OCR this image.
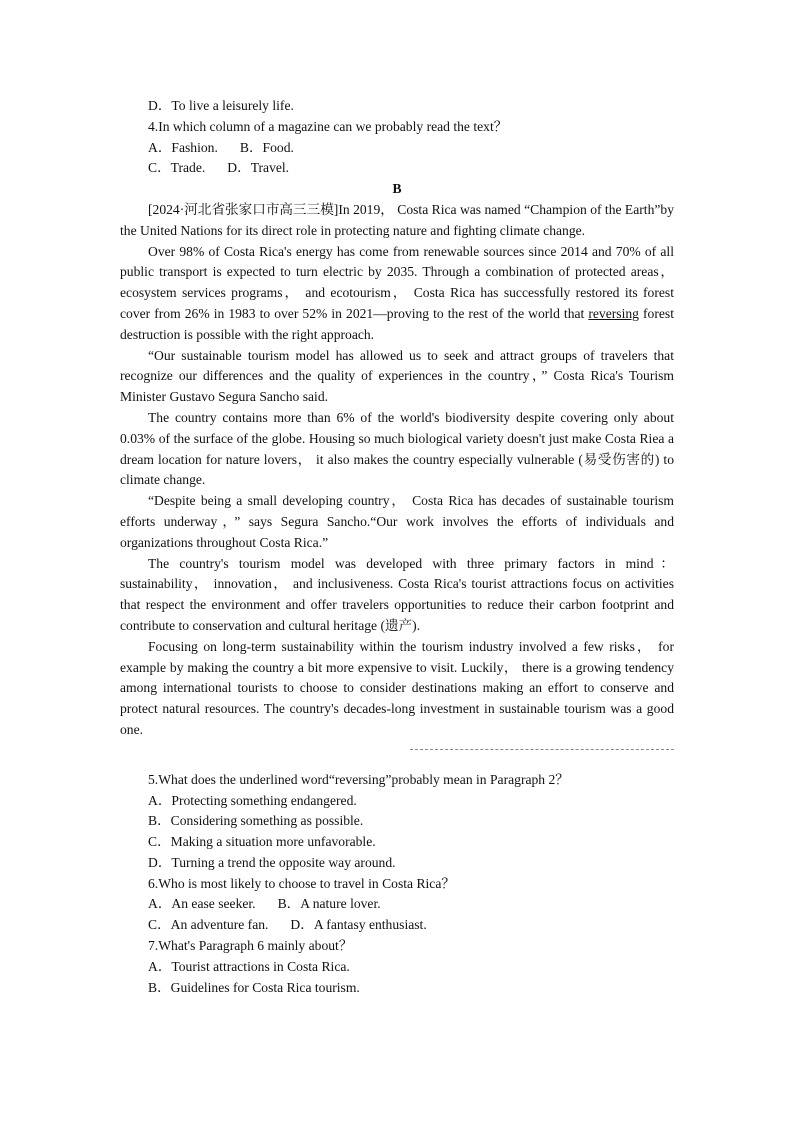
D．To live a leisurely life.
4.In which column of a magazine can we probably read the text？
A．Fashion. B．Food.
C．Trade. D．Travel.
B

[2024·河北省张家口市高三三模]In 2019， Costa Rica was named “Champion of the Earth”by the United Nations for its direct role in protecting nature and fighting climate change.

Over 98% of Costa Rica's energy has come from renewable sources since 2014 and 70% of all public transport is expected to turn electric by 2035. Through a combination of protected areas，ecosystem services programs， and ecotourism， Costa Rica has successfully restored its forest cover from 26% in 1983 to over 52% in 2021—proving to the rest of the world that reversing forest destruction is possible with the right approach.

“Our sustainable tourism model has allowed us to seek and attract groups of travelers that recognize our differences and the quality of experiences in the country，” Costa Rica's Tourism Minister Gustavo Segura Sancho said.

The country contains more than 6% of the world's biodiversity despite covering only about 0.03% of the surface of the globe. Housing so much biological variety doesn't just make Costa Riea a dream location for nature lovers， it also makes the country especially vulnerable (易受伤害的) to climate change.

“Despite being a small developing country， Costa Rica has decades of sustainable tourism efforts underway，” says Segura Sancho.“Our work involves the efforts of individuals and organizations throughout Costa Rica.”

The country's tourism model was developed with three primary factors in mind：sustainability， innovation， and inclusiveness. Costa Rica's tourist attractions focus on activities that respect the environment and offer travelers opportunities to reduce their carbon footprint and contribute to conservation and cultural heritage (遗产).

Focusing on long-term sustainability within the tourism industry involved a few risks， for example by making the country a bit more expensive to visit. Luckily， there is a growing tendency among international tourists to choose to consider destinations making an effort to conserve and protect natural resources. The country's decades-long investment in sustainable tourism was a good one.

5.What does the underlined word“reversing”probably mean in Paragraph 2？
A．Protecting something endangered.
B．Considering something as possible.
C．Making a situation more unfavorable.
D．Turning a trend the opposite way around.
6.Who is most likely to choose to travel in Costa Rica？
A．An ease seeker. B．A nature lover.
C．An adventure fan. D．A fantasy enthusiast.
7.What's Paragraph 6 mainly about？
A．Tourist attractions in Costa Rica.
B．Guidelines for Costa Rica tourism.
